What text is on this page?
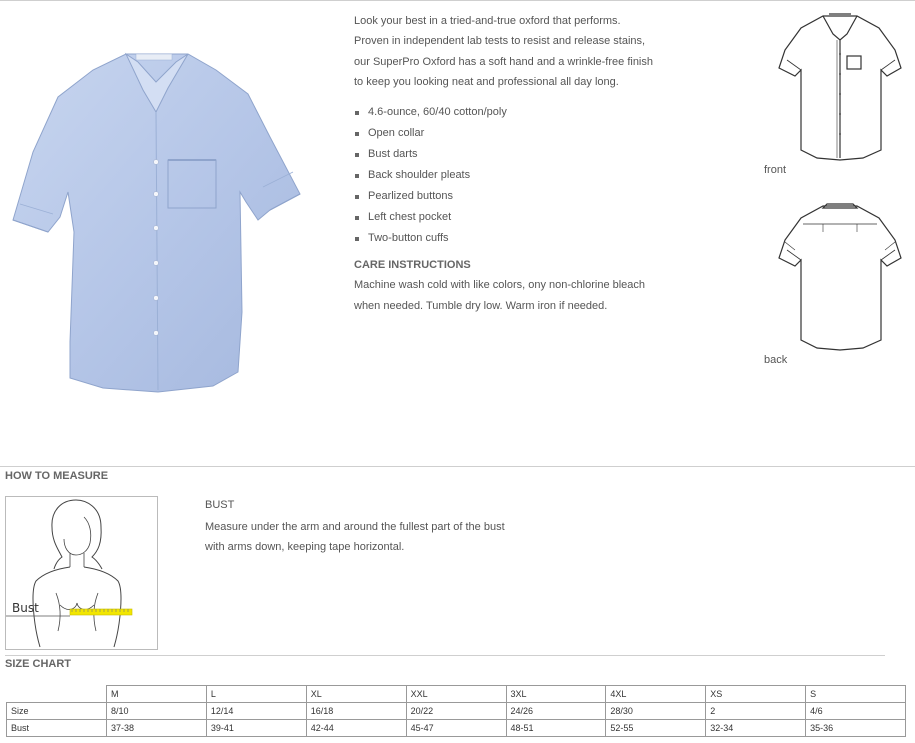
Look your best in a tried-and-true oxford that performs.

Proven in independent lab tests to resist and release stains,

our SuperPro Oxford has a soft hand and a wrinkle-free finish

to keep you looking neat and professional all day long.

4.6-ounce, 60/40 cotton/poly
Open collar
Bust darts
Back shoulder pleats
Pearlized buttons
Left chest pocket
Two-button cuffs
CARE INSTRUCTIONS

Machine wash cold with like colors, ony non-chlorine bleach

when needed. Tumble dry low. Warm iron if needed.

front
back
HOW TO MEASURE
Bust
BUST
Measure under the arm and around the fullest part of the bust
with arms down, keeping tape horizontal.
SIZE CHART
	M	L	XL	XXL	3XL	4XL	XS	S
Size	8/10	12/14	16/18	20/22	24/26	28/30	2	4/6
Bust	37-38	39-41	42-44	45-47	48-51	52-55	32-34	35-36
